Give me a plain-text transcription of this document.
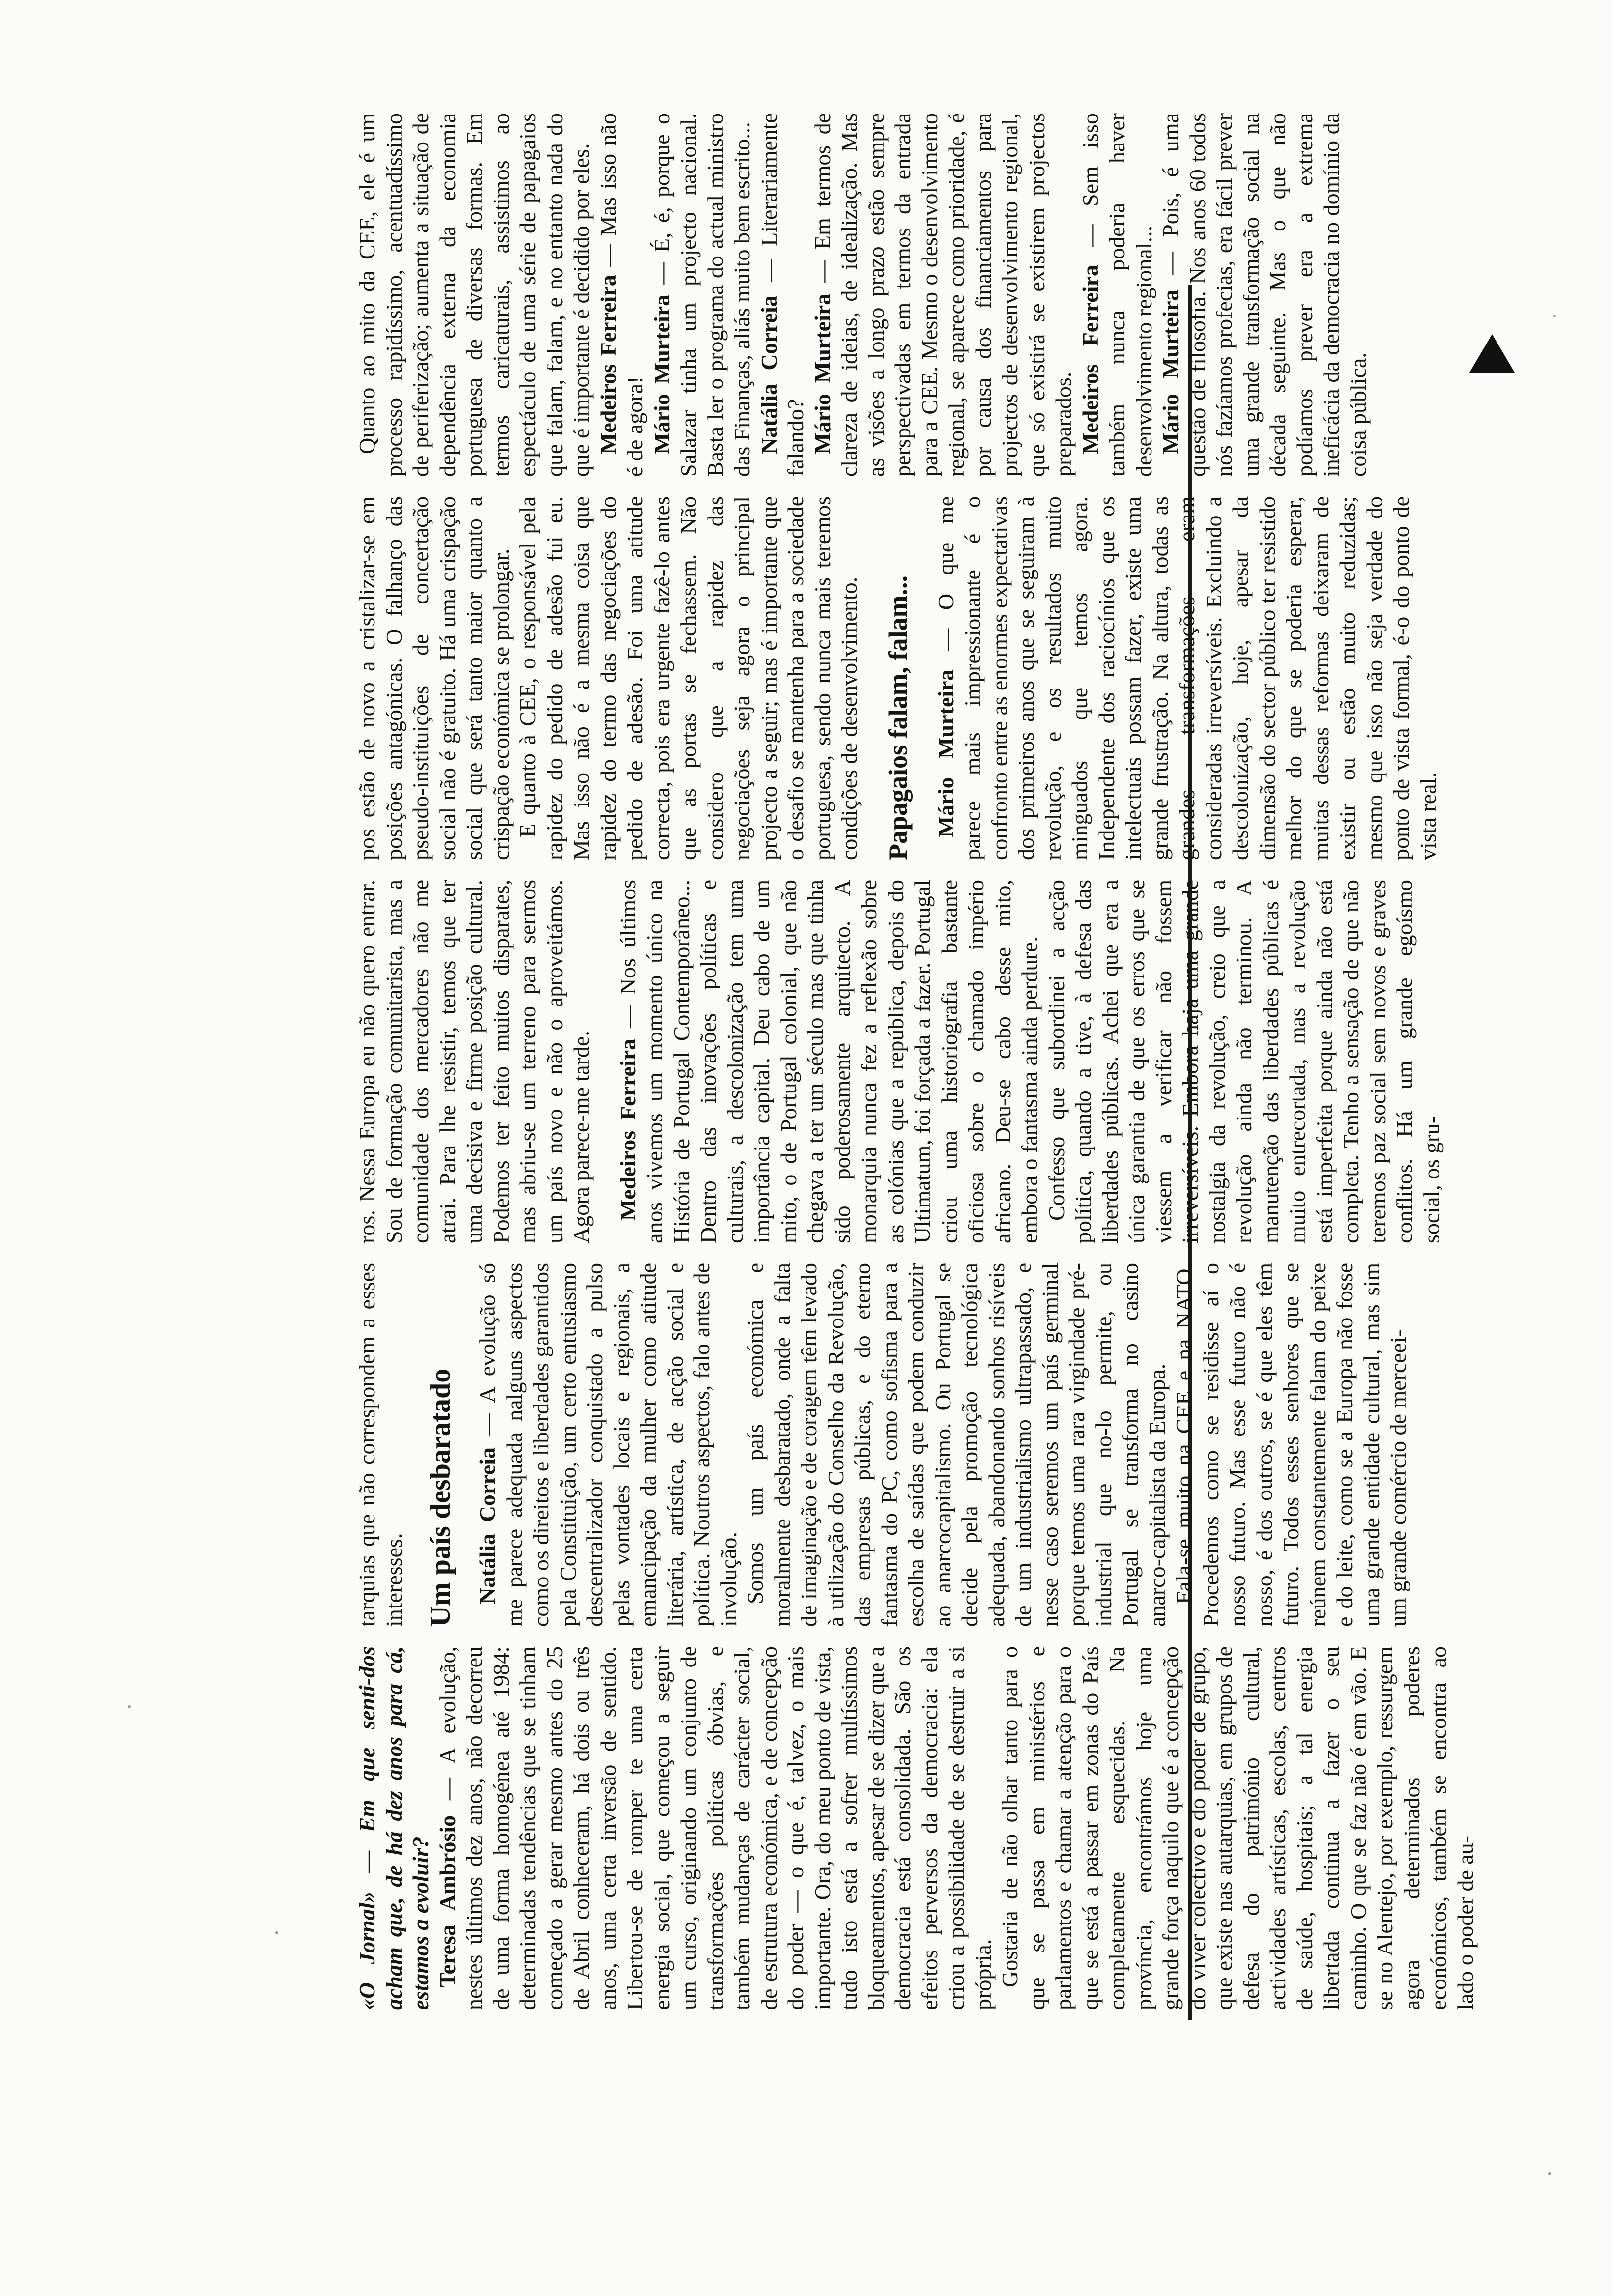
«O Jornal» — Em que senti-dos acham que, de há dez anos para cá, estamos a evoluir? Teresa Ambrósio — A evolução, nestes últimos dez anos, não decorreu de uma forma homogénea até 1984: determinadas tendências que se tinham começado a gerar mesmo antes do 25 de Abril conheceram, há dois ou três anos, uma certa inversão de sentido. Libertou-se de romper te uma certa energia social, que começou a seguir um curso, originando um conjunto de transformações políticas óbvias, e também mudanças de carácter social, de estrutura económica, e de concepção do poder — o que é, talvez, o mais importante. Ora, do meu ponto de vista, tudo isto está a sofrer multíssimos bloqueamentos, apesar de se dizer que a democracia está consolidada. São os efeitos perversos da democracia: ela criou a possibilidade de se destruir a si própria. Gostaria de não olhar tanto para o que se passa em ministérios e parlamentos e chamar a atenção para o que se está a passar em zonas do País completamente esquecidas. Na província, encontrámos hoje uma grande força naquilo que é a concepção do viver colectivo e do poder de grupo, que existe nas autarquias, em grupos de defesa do património cultural, actividades artísticas, escolas, centros de saúde, hospitais; a tal energia libertada continua a fazer o seu caminho. O que se faz não é em vão. E se no Alentejo, por exemplo, ressurgem agora determinados poderes económicos, também se encontra ao lado o poder de au-

tarquias que não correspondem a esses interesses. Um país desbaratado Natália Correia — A evolução só me parece adequada nalguns aspectos como os direitos e liberdades garantidos pela Constituição, um certo entusiasmo descentralizador conquistado a pulso pelas vontades locais e regionais, a emancipação da mulher como atitude literária, artística, de acção social e política. Noutros aspectos, falo antes de involução. Somos um país económica e moralmente desbaratado, onde a falta de imaginação e de coragem têm levado à utilização do Conselho da Revolução, das empresas públicas, e do eterno fantasma do PC, como sofisma para a escolha de saídas que podem conduzir ao anarcocapitalismo. Ou Portugal se decide pela promoção tecnológica adequada, abandonando sonhos risíveis de um industrialismo ultrapassado, e nesse caso seremos um país germinal porque temos uma rara virgindade pré-industrial que no-lo permite, ou Portugal se transforma no casino anarco-capitalista da Europa. Fala-se muito na CEE e na NATO. Procedemos como se residisse aí o nosso futuro. Mas esse futuro não é nosso, é dos outros, se é que eles têm futuro. Todos esses senhores que se reúnem constantemente falam do peixe e do leite, como se a Europa não fosse uma grande entidade cultural, mas sim um grande comércio de merceei-

ros. Nessa Europa eu não quero entrar. Sou de formação comunitarista, mas a comunidade dos mercadores não me atrai. Para lhe resistir, temos que ter uma decisiva e firme posição cultural. Podemos ter feito muitos disparates, mas abriu-se um terreno para sermos um país novo e não o aproveitámos. Agora parece-me tarde. Medeiros Ferreira — Nos últimos anos vivemos um momento único na História de Portugal Contemporâneo... Dentro das inovações políticas e culturais, a descolonização tem uma importância capital. Deu cabo de um mito, o de Portugal colonial, que não chegava a ter um século mas que tinha sido poderosamente arquitecto. A monarquia nunca fez a reflexão sobre as colónias que a república, depois do Ultimatum, foi forçada a fazer. Portugal criou uma historiografia bastante oficiosa sobre o chamado império africano. Deu-se cabo desse mito, embora o fantasma ainda perdure. Confesso que subordinei a acção política, quando a tive, à defesa das liberdades públicas. Achei que era a única garantia de que os erros que se viessem a verificar não fossem irreversíveis. Embora haja uma grande nostalgia da revolução, creio que a revolução ainda não terminou. A manutenção das liberdades públicas é muito entrecortada, mas a revolução está imperfeita porque ainda não está completa. Tenho a sensação de que não teremos paz social sem novos e graves conflitos. Há um grande egoísmo social, os gru-

pos estão de novo a cristalizar-se em posições antagónicas. O falhanço das pseudo-instituições de concertação social não é gratuito. Há uma crispação social que será tanto maior quanto a crispação económica se prolongar. E quanto à CEE, o responsável pela rapidez do pedido de adesão fui eu. Mas isso não é a mesma coisa que rapidez do termo das negociações do pedido de adesão. Foi uma atitude correcta, pois era urgente fazê-lo antes que as portas se fechassem. Não considero que a rapidez das negociações seja agora o principal projecto a seguir; mas é importante que o desafio se mantenha para a sociedade portuguesa, sendo nunca mais teremos condições de desenvolvimento. Papagaios falam, falam... Mário Murteira — O que me parece mais impressionante é o confronto entre as enormes expectativas dos primeiros anos que se seguiram à revolução, e os resultados muito minguados que temos agora. Independente dos raciocínios que os intelectuais possam fazer, existe uma grande frustração. Na altura, todas as grandes transformações eram consideradas irreversíveis. Excluindo a descolonização, hoje, apesar da dimensão do sector público ter resistido melhor do que se poderia esperar, muitas dessas reformas deixaram de existir ou estão muito reduzidas; mesmo que isso não seja verdade do ponto de vista formal, é-o do ponto de vista real.

Quanto ao mito da CEE, ele é um processo rapidíssimo, acentuadíssimo de periferização; aumenta a situação de dependência externa da economia portuguesa de diversas formas. Em termos caricaturais, assistimos ao espectáculo de uma série de papagaios que falam, falam, e no entanto nada do que é importante é decidido por eles. Medeiros Ferreira — Mas isso não é de agora! Mário Murteira — É, é, porque o Salazar tinha um projecto nacional. Basta ler o programa do actual ministro das Finanças, aliás muito bem escrito... Natália Correia — Literariamente falando? Mário Murteira — Em termos de clareza de ideias, de idealização. Mas as visões a longo prazo estão sempre perspectivadas em termos da entrada para a CEE. Mesmo o desenvolvimento regional, se aparece como prioridade, é por causa dos financiamentos para projectos de desenvolvimento regional, que só existirá se existirem projectos preparados. Medeiros Ferreira — Sem isso também nunca poderia haver desenvolvimento regional... Mário Murteira — Pois, é uma questão de filosofia. Nos anos 60 todos nós fazíamos profecias, era fácil prever uma grande transformação social na década seguinte. Mas o que não podíamos prever era a extrema ineficácia da democracia no domínio da coisa pública.
